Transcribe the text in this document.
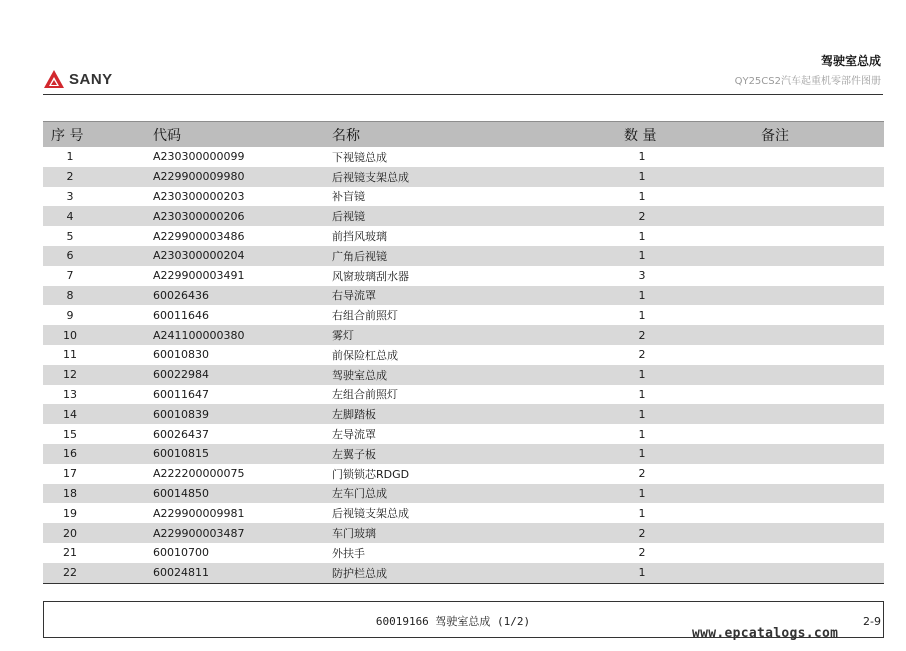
SANY
驾驶室总成
QY25CS2汽车起重机零部件图册
序 号	代码	名称	数 量	备注
1	A230300000099	下视镜总成	1
2	A229900009980	后视镜支架总成	1
3	A230300000203	补盲镜	1
4	A230300000206	后视镜	2
5	A229900003486	前挡风玻璃	1
6	A230300000204	广角后视镜	1
7	A229900003491	风窗玻璃刮水器	3
8	60026436	右导流罩	1
9	60011646	右组合前照灯	1
10	A241100000380	雾灯	2
11	60010830	前保险杠总成	2
12	60022984	驾驶室总成	1
13	60011647	左组合前照灯	1
14	60010839	左脚踏板	1
15	60026437	左导流罩	1
16	60010815	左翼子板	1
17	A222200000075	门锁锁芯RDGD	2
18	60014850	左车门总成	1
19	A229900009981	后视镜支架总成	1
20	A229900003487	车门玻璃	2
21	60010700	外扶手	2
22	60024811	防护栏总成	1
60019166 驾驶室总成 (1/2)	2-9
www.epcatalogs.com
